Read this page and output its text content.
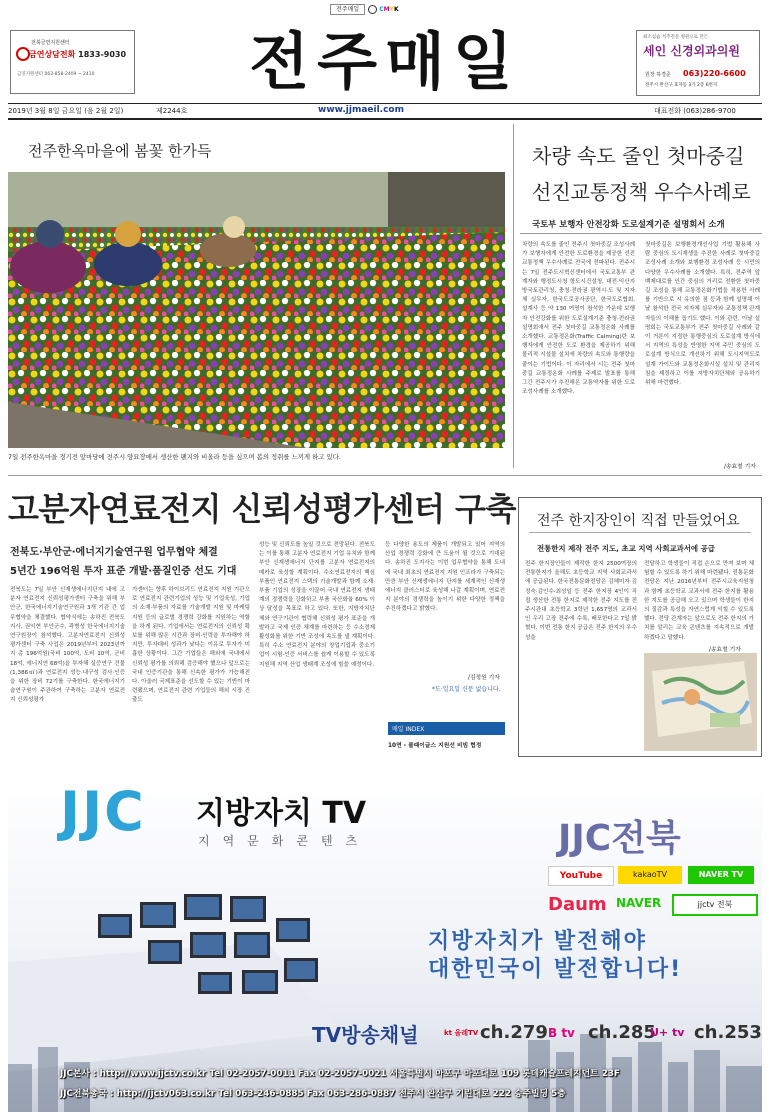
전주매일	C M Y K
전북금연지원센터
금연상담전화 1833-9030
금연지원센터 063-858-2409 ~ 2410 전주매일	최소침습 척추전문 병원으로 만든
세인 신경외과의원
원장 하경준 063)220-6600
전주시 완산구 효자동 3가 2층 6번지
2019년 3월 8일 금요일 (음 2월 2일)	제2244호	www.jjmaeil.com	대표전화 (063)286-9700
전주한옥마을에 봄꽃 한가득
7일 전주한옥마을 경기전 앞마당에 전주시 양묘장에서 생산한 팬지와 비올라 등을 심으며 봄의 정취를 느끼게 하고 있다.
차량 속도 줄인 첫마중길
선진교통정책 우수사례로
국토부 보행자 안전강화 도로설계기준 설명회서 소개
차량의 속도를 줄인 전주시 첫마중길 조성사례가 보행자에게 안전한 도로환경을 제공한 선진교통정책 우수사례로 전국에 전파된다. 전주시는 7일 전주도시혁신센터에서 국토교통부 관계자와 행정도시청 항도시건설청, 대전·익산지방국토관리청, 충청·전라권 광역시·도 및 지자체 실무자, 한국도로공사공단, 한국도로협회, 설계사 등 약 130 여명이 참석한 가운데 보행자 안전강화를 위한 도로설계기준 충청·전라권 설명회에서 전주 첫마중길 교통정온화 사례를 소개했다. 교통정온화(Traffic Calming)란 보행자에게 안전한 도로 환경을 제공하기 위해 물리적 시설물 설치에 차량의 속도와 통행량을 줄이는 기법이다. 이 자리에서 시는 전주 첫마중길 교통정온화 사례를 주제로 발표를 통해 그간 전주시가 추진해온 교통약자를 위한 도로 조성사례를 소개했다.
첫마중길은 보행환경개선사업 기법 활용해 사람 중심의 도시재생을 추진한 사례로 첫마중길 조성사례 소개와 보행환경 조성사례 등 시민의 다양한 우수사례를 소개했다. 특히, 전주역 앞 백제대로를 인간 중심의 거리로 전환한 첫마중길 조성을 통해 교통정온화기법을 적용한 사례를 기반으로 시 유의한 점 등과 함께 설명해 이날 참석한 전국 지자체 실무자와 교통정책 관계자들의 이해를 돕기도 했다. 이와 관련, 이날 설명회는 국토교통부가 전주 첫마중길 사례와 같이 거론이 지정한 통행중심의 도로설계 방식에서 지역의 특성을 반영한 지역 주민 중심의 도로설계 방식으로 개선하기 위해 도시지역도로 설계 가이드와 교통정온화시설 설치 및 관리지침을 제정하고 이를 지방자치단체와 공유하기 위해 마련했다.
/송효철 기자
고분자연료전지 신뢰성평가센터 구축
전북도·부안군·에너지기술연구원 업무협약 체결
5년간 196억원 투자 표준 개발·품질인증 선도 기대
전북도는 7일 부안 신재생에너지단지 내에 고분자 연료전지 신뢰성평가센터 구축을 위해 부안군, 한국에너지기술연구원과 3개 기관 간 업무협약을 체결했다. 협약식에는 송하진 전북도지사, 권익현 부안군수, 곽병성 한국에너지기술연구원장이 참석했다. 고분자연료전지 신뢰성평가센터 구축 사업은 2019년부터 2023년까지 총 196억원(국비 100억, 도비 10억, 군비 18억, 에너지연 68억)을 투자해 실증연구 건물(1,386㎡)과 연료전지 성능·내구성 검사·인증을 위한 장비 72기를 구축한다. 한국에너지기술연구원이 주관하여 구축하는 고분자 연료전지 신뢰성평가
가센터는 향후 하이브리드 연료전지 지원 기관으로 연료전지 관련기업의 성능 및 기업육성, 기업의 소재·부품의 자료를 기술개발 지원 및 마케팅 지원 등의 글로벌 경쟁력 강화를 지원하는 역할을 하게 된다. 기업에서는 연료전지의 신뢰성 확보를 위해 많은 시간과 장비·인력을 투자해야 하지만, 투자대비 성과가 낮다는 이유로 투자가 미흡한 상황이다. 그간 기업들은 해외에 국내에서 신뢰성 평가를 의뢰해 검증해야 했으나 앞으로는 국내 인증기관을 통해 신속한 평가가 가능해진다. 아울러 국제표준을 선도할 수 있는 기반이 마련됐으며, 연료전지 관련 기업들의 해외 시장 진출도
성능 및 신뢰도를 높일 것으로 전망된다. 전북도는 이를 통해 고분자 연료전지 기업 유치와 함께 부안 신재생에너지 단지를 고분자 연료전지의 메카로 육성할 계획이다. 수소연료전지의 핵심부품인 연료전지 스택의 기술개발과 함께 소재·부품 기업의 성장을 이끌어 국내 연료전지 생태계의 경쟁력을 강화하고 부품 국산화율 60% 이상 달성을 목표로 하고 있다. 또한, 지방자치단체와 연구기관이 협력해 신뢰성 평가 표준을 개발하고 국제 인증 체계를 마련하는 등 수소경제 활성화를 위한 기반 조성에 속도를 낼 계획이다. 특히 수소 연료전지 분야의 창업기업과 중소기업이 시험·인증 서비스를 쉽게 이용할 수 있도록 지원해 지역 산업 생태계 조성에 힘쓸 예정이다.
등 다양한 용도의 제품이 개발되고 있어 지역의 산업 경쟁력 강화에 큰 도움이 될 것으로 기대된다. 송하진 도지사는 이번 업무협약을 통해 도내에 국내 최초의 연료전지 지원 인프라가 구축되는 만큼 부안 신재생에너지 단지를 세계적인 신재생에너지 클러스터로 육성해 나갈 계획이며, 연료전지 분야의 경쟁력을 높이기 위한 다양한 정책을 추진하겠다고 밝혔다.
/김정원 기자
*도·일요일 신문 없습니다.
매일 INDEX
10면 - 볼때이글스 지원선 비빔 협정
전주 한지장인이 직접 만들었어요
전통한지 제작 전주 지도, 초교 지역 사회교과서에 공급
전주 한지장인들이 제작한 한지 2500여장의 전통한지가 올해도 초등학교 지역 사회교과서에 공급된다. 한국전통문화전당은 김혜미자·김정숙·김인수·최성일 등 전주 한지장 4인이 직접 생산한 전통 한지로 제작한 전주 지도를 전주시관내 초등학교 3학년 1,657명의 교과서인 우리 고장 전주에 수록, 배포한다고 7일 밝혔다. 이번 전통 한지 공급은 전주 한지의 우수성을
전달하고 학생들이 직접 손으로 만져 보며 체험할 수 있도록 하기 위해 마련됐다. 전통문화전당은 지난 2016년부터 전주시교육지원청과 함께 초등학교 교과서에 전주 한지를 활용한 지도를 공급해 오고 있으며 학생들이 한지의 질감과 특성을 자연스럽게 익힐 수 있도록 했다. 전당 관계자는 앞으로도 전주 한지의 가치를 알리는 교육 콘텐츠를 지속적으로 개발하겠다고 말했다.
/송효철 기자
JJC 지방자치 TV
지역문화콘텐츠	JJC전북
YouTube	kakaoTV	NAVER TV
Daum NAVER	jjctv 전북
지방자치가 발전해야
대한민국이 발전합니다!
TV방송채널	kt 올레TV ch.279 B tv ch.285
U+ tv ch.253
JJC본사 : http://www.jjctv.co.kr Tel 02-2057-0011 Fax 02-2057-0021 서울특별시 마포구 마포대로 109 롯데캐슬프레지던트 23F
JJC전북총국 : http://jjctv063.co.kr Tel 063-246-0885 Fax 063-286-0887 전주시 완산구 기린대로 222 승주빌딩 5층
